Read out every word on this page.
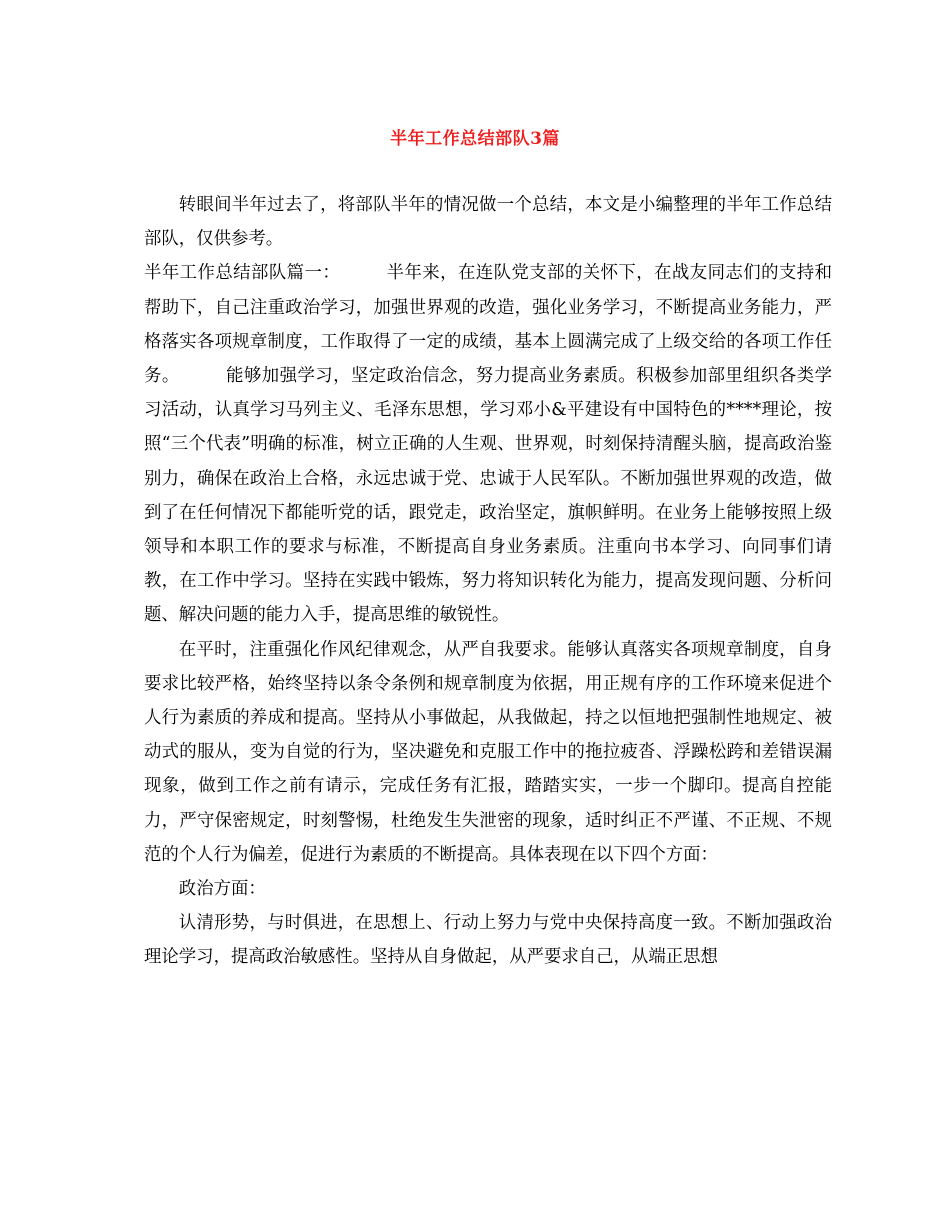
半年工作总结部队3篇

转眼间半年过去了，将部队半年的情况做一个总结，本文是小编整理的半年工作总结部队，仅供参考。

半年工作总结部队篇一：	半年来，在连队党支部的关怀下，在战友同志们的支持和帮助下，自己注重政治学习，加强世界观的改造，强化业务学习，不断提高业务能力，严格落实各项规章制度，工作取得了一定的成绩，基本上圆满完成了上级交给的各项工作任务。	能够加强学习，坚定政治信念，努力提高业务素质。积极参加部里组织各类学习活动，认真学习马列主义、毛泽东思想，学习邓小&平建设有中国特色的****理论，按照“三个代表”明确的标准，树立正确的人生观、世界观，时刻保持清醒头脑，提高政治鉴别力，确保在政治上合格，永远忠诚于党、忠诚于人民军队。不断加强世界观的改造，做到了在任何情况下都能听党的话，跟党走，政治坚定，旗帜鲜明。在业务上能够按照上级领导和本职工作的要求与标准，不断提高自身业务素质。注重向书本学习、向同事们请教，在工作中学习。坚持在实践中锻炼，努力将知识转化为能力，提高发现问题、分析问题、解决问题的能力入手，提高思维的敏锐性。

在平时，注重强化作风纪律观念，从严自我要求。能够认真落实各项规章制度，自身要求比较严格，始终坚持以条令条例和规章制度为依据，用正规有序的工作环境来促进个人行为素质的养成和提高。坚持从小事做起，从我做起，持之以恒地把强制性地规定、被动式的服从，变为自觉的行为，坚决避免和克服工作中的拖拉疲沓、浮躁松跨和差错误漏现象，做到工作之前有请示，完成任务有汇报，踏踏实实，一步一个脚印。提高自控能力，严守保密规定，时刻警惕，杜绝发生失泄密的现象，适时纠正不严谨、不正规、不规范的个人行为偏差，促进行为素质的不断提高。具体表现在以下四个方面：

政治方面：

认清形势，与时俱进，在思想上、行动上努力与党中央保持高度一致。不断加强政治理论学习，提高政治敏感性。坚持从自身做起，从严要求自己，从端正思想
